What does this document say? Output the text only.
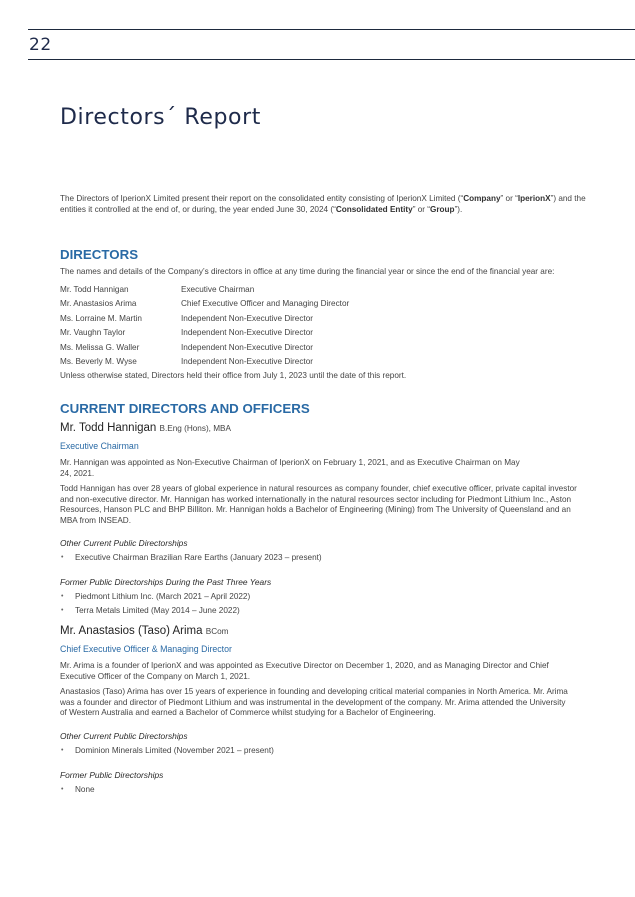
22
Directors´ Report

The Directors of IperionX Limited present their report on the consolidated entity consisting of IperionX Limited (“Company” or “IperionX”) and the entities it controlled at the end of, or during, the year ended June 30, 2024 (“Consolidated Entity” or “Group”).

DIRECTORS

The names and details of the Company’s directors in office at any time during the financial year or since the end of the financial year are:

Mr. Todd Hannigan	Executive Chairman
Mr. Anastasios Arima	Chief Executive Officer and Managing Director
Ms. Lorraine M. Martin	Independent Non-Executive Director
Mr. Vaughn Taylor	Independent Non-Executive Director
Ms. Melissa G. Waller	Independent Non-Executive Director
Ms. Beverly M. Wyse	Independent Non-Executive Director

Unless otherwise stated, Directors held their office from July 1, 2023 until the date of this report.

CURRENT DIRECTORS AND OFFICERS
Mr. Todd Hannigan B.Eng (Hons), MBA
Executive Chairman

Mr. Hannigan was appointed as Non-Executive Chairman of IperionX on February 1, 2021, and as Executive Chairman on May 24, 2021.

Todd Hannigan has over 28 years of global experience in natural resources as company founder, chief executive officer, private capital investor and non-executive director. Mr. Hannigan has worked internationally in the natural resources sector including for Piedmont Lithium Inc., Aston Resources, Hanson PLC and BHP Billiton. Mr. Hannigan holds a Bachelor of Engineering (Mining) from The University of Queensland and an MBA from INSEAD.

Other Current Public Directorships
• Executive Chairman Brazilian Rare Earths (January 2023 – present)
Former Public Directorships During the Past Three Years
• Piedmont Lithium Inc. (March 2021 – April 2022)
• Terra Metals Limited (May 2014 – June 2022)
Mr. Anastasios (Taso) Arima BCom
Chief Executive Officer & Managing Director

Mr. Arima is a founder of IperionX and was appointed as Executive Director on December 1, 2020, and as Managing Director and Chief Executive Officer of the Company on March 1, 2021.

Anastasios (Taso) Arima has over 15 years of experience in founding and developing critical material companies in North America. Mr. Arima was a founder and director of Piedmont Lithium and was instrumental in the development of the company. Mr. Arima attended the University of Western Australia and earned a Bachelor of Commerce whilst studying for a Bachelor of Engineering.

Other Current Public Directorships
• Dominion Minerals Limited (November 2021 – present)
Former Public Directorships
• None
